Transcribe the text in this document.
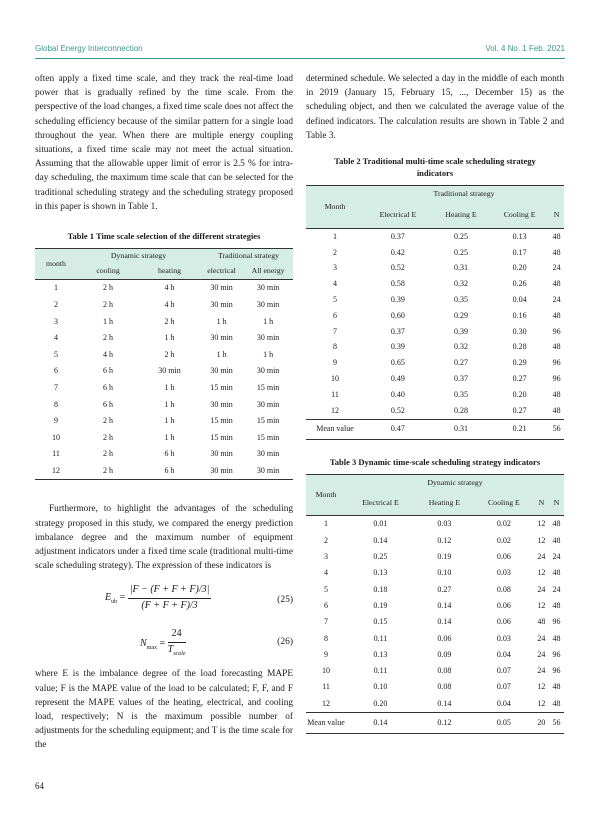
Global Energy Interconnection	Vol. 4 No. 1 Feb. 2021

often apply a fixed time scale, and they track the real-time load power that is gradually refined by the time scale. From the perspective of the load changes, a fixed time scale does not affect the scheduling efficiency because of the similar pattern for a single load throughout the year. When there are multiple energy coupling situations, a fixed time scale may not meet the actual situation. Assuming that the allowable upper limit of error is 2.5 % for intra-day scheduling, the maximum time scale that can be selected for the traditional scheduling strategy and the scheduling strategy proposed in this paper is shown in Table 1.

Table 1 Time scale selection of the different strategies
month	Dynamic strategy		Traditional strategy	
	cooling	heating	electrical	All energy
1	2 h	4 h	30 min	30 min
2	2 h	4 h	30 min	30 min
3	1 h	2 h	1 h	1 h
4	2 h	1 h	30 min	30 min
5	4 h	2 h	1 h	1 h
6	6 h	30 min	30 min	30 min
7	6 h	1 h	15 min	15 min
8	6 h	1 h	30 min	30 min
9	2 h	1 h	15 min	15 min
10	2 h	1 h	15 min	15 min
11	2 h	6 h	30 min	30 min
12	2 h	6 h	30 min	30 min

Furthermore, to highlight the advantages of the scheduling strategy proposed in this study, we compared the energy prediction imbalance degree and the maximum number of equipment adjustment indicators under a fixed time scale (traditional multi-time scale scheduling strategy). The expression of these indicators is

$E_{ub} = \frac{|F - (F + F + F)/3|}{(F + F + F)/3}$	(25)
$N_{max} = \frac{24}{T_{scale}}$	(26)

where E is the imbalance degree of the load forecasting MAPE value; F is the MAPE value of the load to be calculated; F, F, and F represent the MAPE values of the heating, electrical, and cooling load, respectively; N is the maximum possible number of adjustments for the scheduling equipment; and T is the time scale for the

determined schedule. We selected a day in the middle of each month in 2019 (January 15, February 15, ..., December 15) as the scheduling object, and then we calculated the average value of the defined indicators. The calculation results are shown in Table 2 and Table 3.

Table 2 Traditional multi-time scale scheduling strategy
indicators
Month	Traditional strategy			
	Electrical E	Heating E	Cooling E	N
1	0.37	0.25	0.13	48
2	0.42	0.25	0.17	48
3	0.52	0.31	0.20	24
4	0.58	0.32	0.26	48
5	0.39	0.35	0.04	24
6	0.60	0.29	0.16	48
7	0.37	0.39	0.30	96
8	0.39	0.32	0.28	48
9	0.65	0.27	0.29	96
10	0.49	0.37	0.27	96
11	0.40	0.35	0.20	48
12	0.52	0.28	0.27	48
Mean value	0.47	0.31	0.21	56
Table 3 Dynamic time-scale scheduling strategy indicators
Month	Dynamic strategy				
	Electrical E	Heating E	Cooling E	N	N
1	0.01	0.03	0.02	12	48
2	0.14	0.12	0.02	12	48
3	0.25	0.19	0.06	24	24
4	0.13	0.10	0.03	12	48
5	0.18	0.27	0.08	24	24
6	0.19	0.14	0.06	12	48
7	0.15	0.14	0.06	48	96
8	0.11	0.06	0.03	24	48
9	0.13	0.09	0.04	24	96
10	0.11	0.08	0.07	24	96
11	0.10	0.08	0.07	12	48
12	0.20	0.14	0.04	12	48
Mean value	0.14	0.12	0.05	20	56
64
